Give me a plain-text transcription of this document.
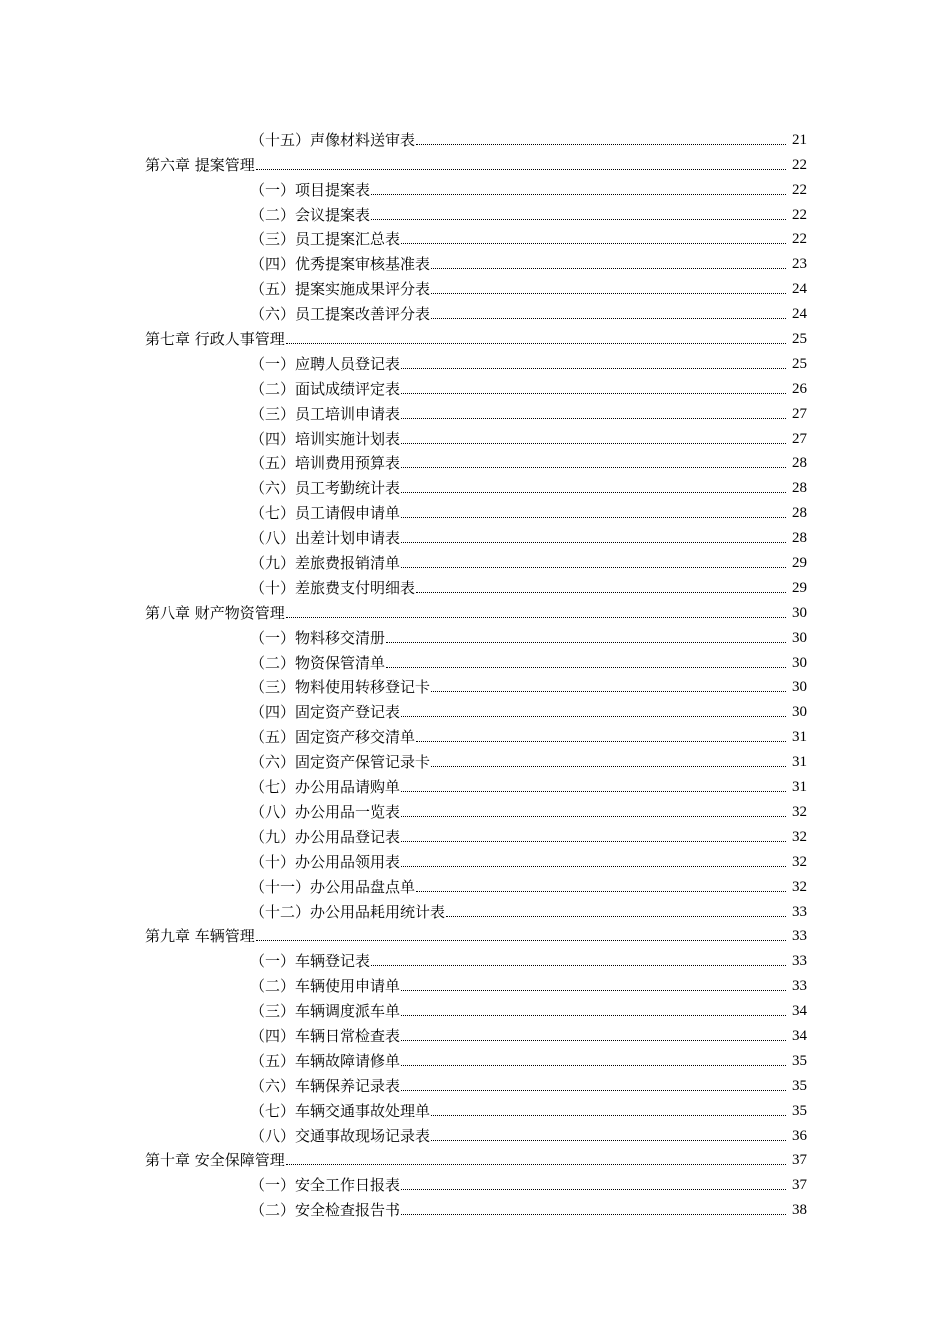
（十五）声像材料送审表	21
第六章 提案管理	22
（一）项目提案表	22
（二）会议提案表	22
（三）员工提案汇总表	22
（四）优秀提案审核基准表	23
（五）提案实施成果评分表	24
（六）员工提案改善评分表	24
第七章 行政人事管理	25
（一）应聘人员登记表	25
（二）面试成绩评定表	26
（三）员工培训申请表	27
（四）培训实施计划表	27
（五）培训费用预算表	28
（六）员工考勤统计表	28
（七）员工请假申请单	28
（八）出差计划申请表	28
（九）差旅费报销清单	29
（十）差旅费支付明细表	29
第八章 财产物资管理	30
（一）物料移交清册	30
（二）物资保管清单	30
（三）物料使用转移登记卡	30
（四）固定资产登记表	30
（五）固定资产移交清单	31
（六）固定资产保管记录卡	31
（七）办公用品请购单	31
（八）办公用品一览表	32
（九）办公用品登记表	32
（十）办公用品领用表	32
（十一）办公用品盘点单	32
（十二）办公用品耗用统计表	33
第九章 车辆管理	33
（一）车辆登记表	33
（二）车辆使用申请单	33
（三）车辆调度派车单	34
（四）车辆日常检查表	34
（五）车辆故障请修单	35
（六）车辆保养记录表	35
（七）车辆交通事故处理单	35
（八）交通事故现场记录表	36
第十章 安全保障管理	37
（一）安全工作日报表	37
（二）安全检查报告书	38
